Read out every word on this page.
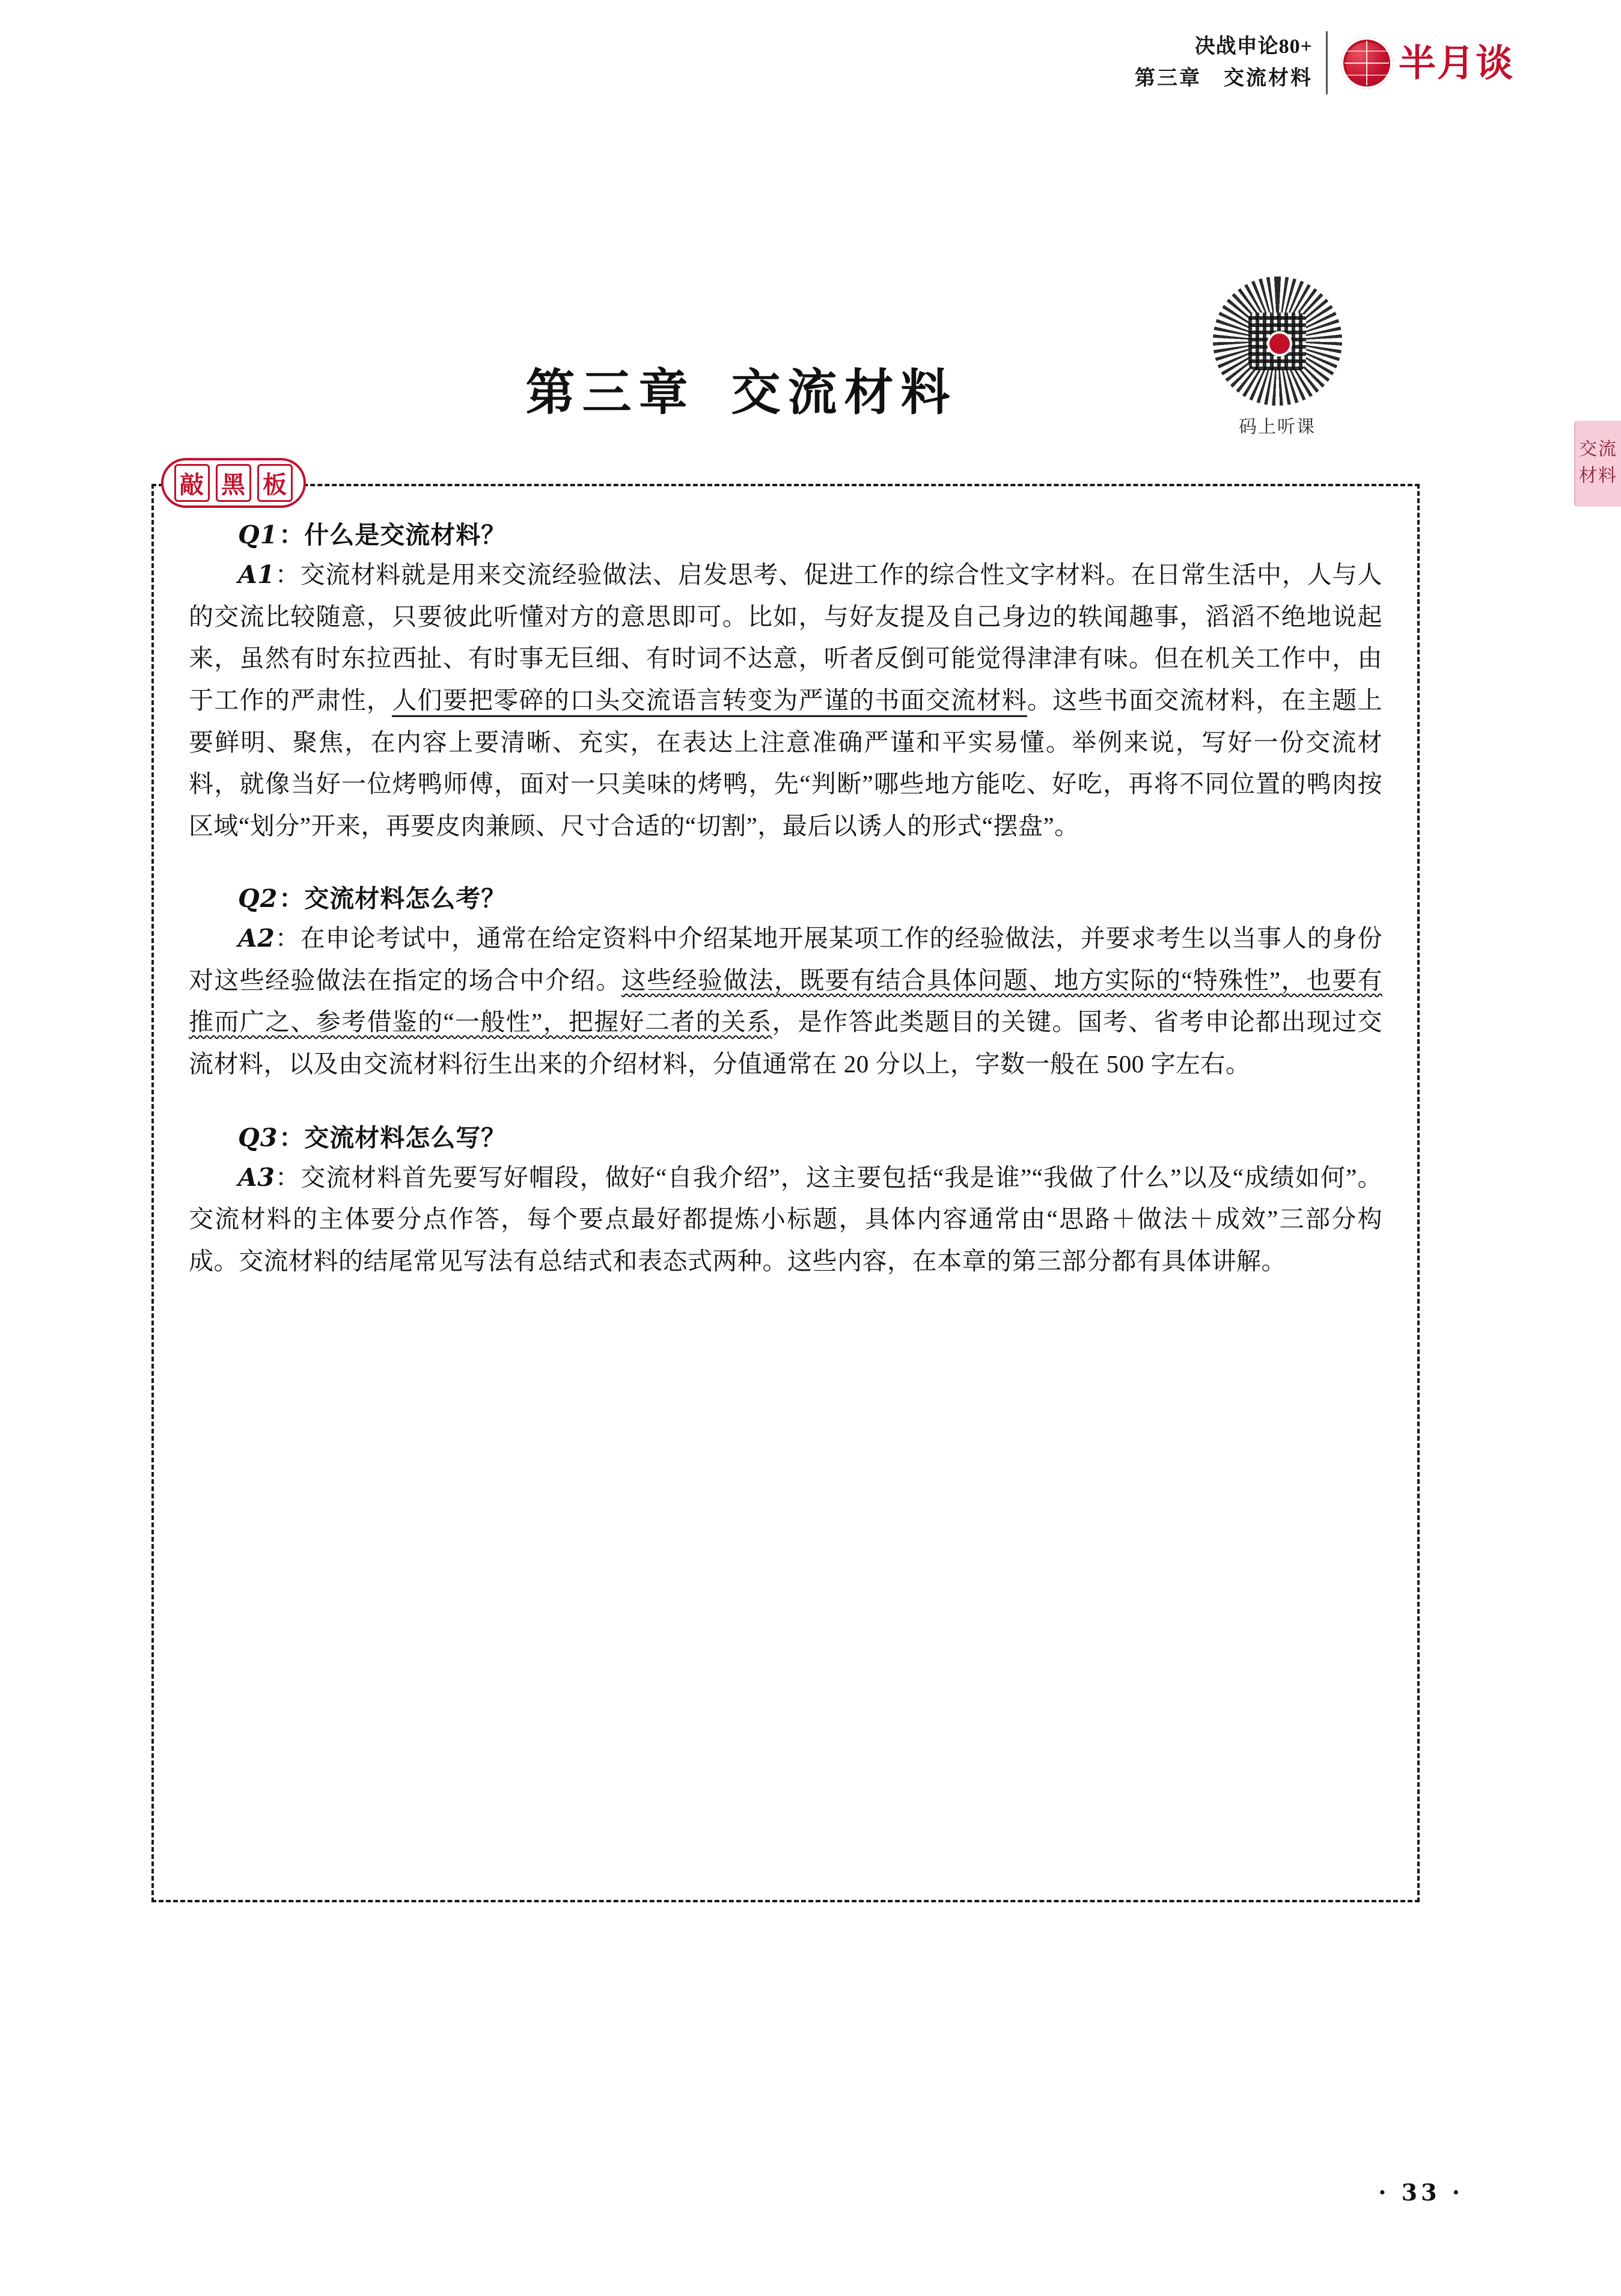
决战申论80+
第三章　交流材料 半月谈
交流材料
码上听课
第三章 交流材料
敲 黑 板

Q1：什么是交流材料？

A1：交流材料就是用来交流经验做法、启发思考、促进工作的综合性文字材料。在日常生活中，人与人的交流比较随意，只要彼此听懂对方的意思即可。比如，与好友提及自己身边的轶闻趣事，滔滔不绝地说起来，虽然有时东拉西扯、有时事无巨细、有时词不达意，听者反倒可能觉得津津有味。但在机关工作中，由于工作的严肃性，人们要把零碎的口头交流语言转变为严谨的书面交流材料。这些书面交流材料，在主题上要鲜明、聚焦，在内容上要清晰、充实，在表达上注意准确严谨和平实易懂。举例来说，写好一份交流材料，就像当好一位烤鸭师傅，面对一只美味的烤鸭，先“判断”哪些地方能吃、好吃，再将不同位置的鸭肉按区域“划分”开来，再要皮肉兼顾、尺寸合适的“切割”，最后以诱人的形式“摆盘”。

Q2：交流材料怎么考？

A2：在申论考试中，通常在给定资料中介绍某地开展某项工作的经验做法，并要求考生以当事人的身份对这些经验做法在指定的场合中介绍。这些经验做法，既要有结合具体问题、地方实际的“特殊性”，也要有推而广之、参考借鉴的“一般性”，把握好二者的关系，是作答此类题目的关键。国考、省考申论都出现过交流材料，以及由交流材料衍生出来的介绍材料，分值通常在 20 分以上，字数一般在 500 字左右。

Q3：交流材料怎么写？

A3：交流材料首先要写好帽段，做好“自我介绍”，这主要包括“我是谁”“我做了什么”以及“成绩如何”。交流材料的主体要分点作答，每个要点最好都提炼小标题，具体内容通常由“思路＋做法＋成效”三部分构成。交流材料的结尾常见写法有总结式和表态式两种。这些内容，在本章的第三部分都有具体讲解。

· 33 ·
